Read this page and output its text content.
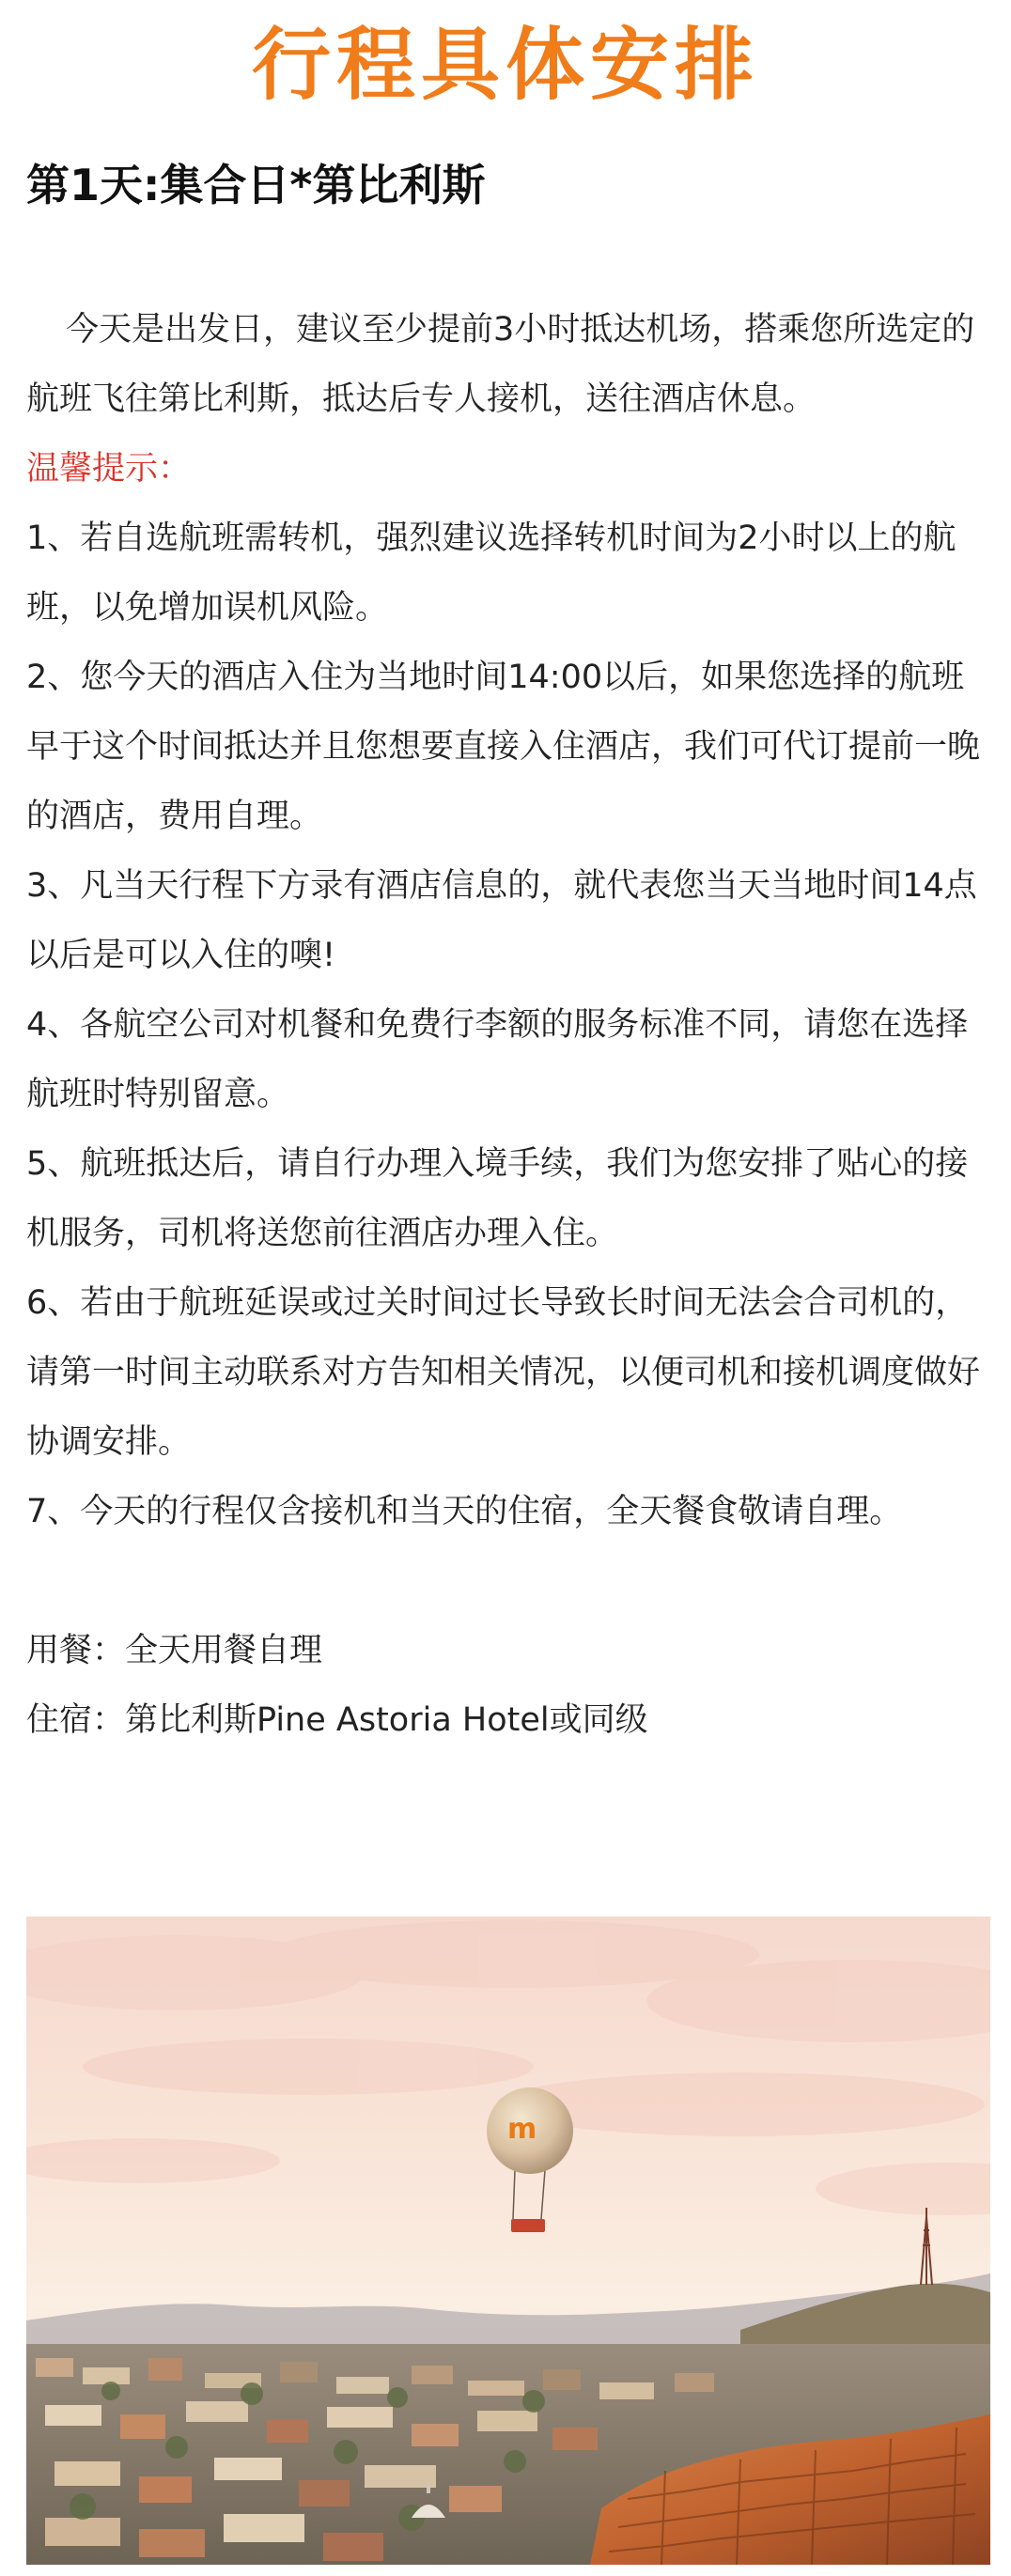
行程具体安排
第1天:集合日*第比利斯

今天是出发日，建议至少提前3小时抵达机场，搭乘您所选定的航班飞往第比利斯，抵达后专人接机，送往酒店休息。

温馨提示：

1、若自选航班需转机，强烈建议选择转机时间为2小时以上的航班，以免增加误机风险。
2、您今天的酒店入住为当地时间14:00以后，如果您选择的航班早于这个时间抵达并且您想要直接入住酒店，我们可代订提前一晚的酒店，费用自理。
3、凡当天行程下方录有酒店信息的，就代表您当天当地时间14点以后是可以入住的噢!
4、各航空公司对机餐和免费行李额的服务标准不同，请您在选择航班时特别留意。
5、航班抵达后，请自行办理入境手续，我们为您安排了贴心的接机服务，司机将送您前往酒店办理入住。
6、若由于航班延误或过关时间过长导致长时间无法会合司机的，请第一时间主动联系对方告知相关情况，以便司机和接机调度做好协调安排。
7、今天的行程仅含接机和当天的住宿，全天餐食敬请自理。

用餐：全天用餐自理

住宿：第比利斯Pine Astoria Hotel或同级

m
